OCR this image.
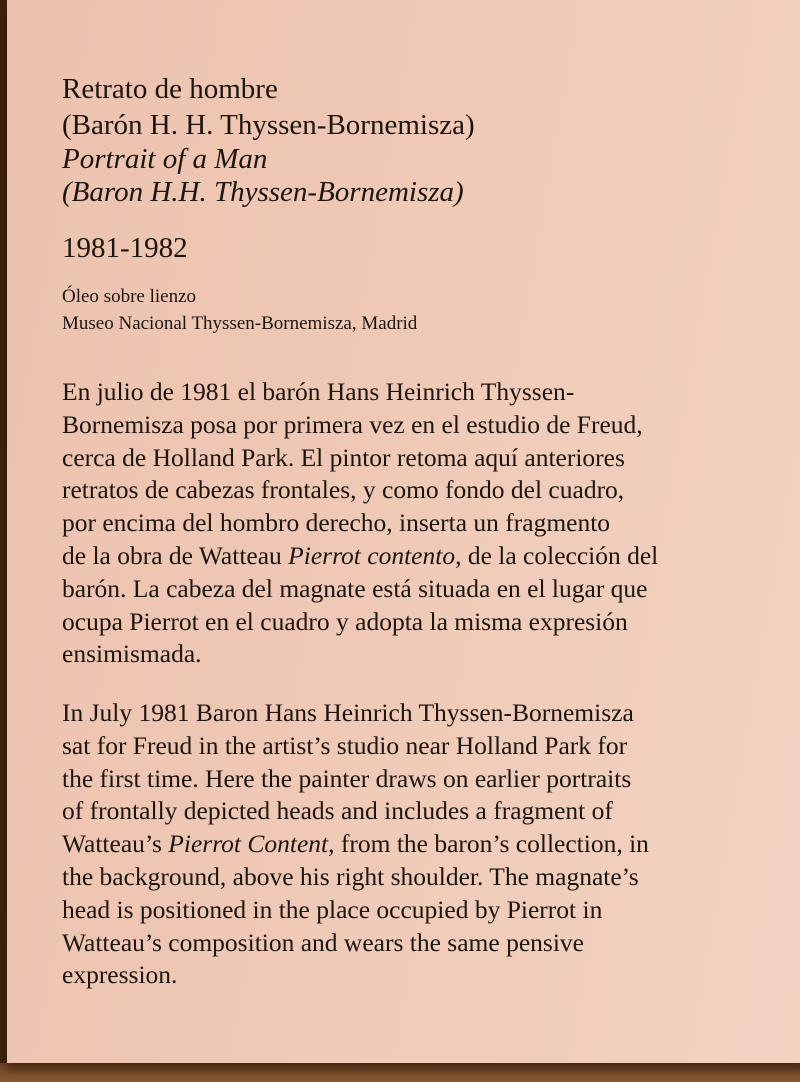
Retrato de hombre
(Barón H. H. Thyssen-Bornemisza)
Portrait of a Man
(Baron H.H. Thyssen-Bornemisza)
1981-1982
Óleo sobre lienzo
Museo Nacional Thyssen-Bornemisza, Madrid
En julio de 1981 el barón Hans Heinrich Thyssen-
Bornemisza posa por primera vez en el estudio de Freud,
cerca de Holland Park. El pintor retoma aquí anteriores
retratos de cabezas frontales, y como fondo del cuadro,
por encima del hombro derecho, inserta un fragmento
de la obra de Watteau Pierrot contento, de la colección del
barón. La cabeza del magnate está situada en el lugar que
ocupa Pierrot en el cuadro y adopta la misma expresión
ensimismada.
In July 1981 Baron Hans Heinrich Thyssen-Bornemisza
sat for Freud in the artist’s studio near Holland Park for
the first time. Here the painter draws on earlier portraits
of frontally depicted heads and includes a fragment of
Watteau’s Pierrot Content, from the baron’s collection, in
the background, above his right shoulder. The magnate’s
head is positioned in the place occupied by Pierrot in
Watteau’s composition and wears the same pensive
expression.
